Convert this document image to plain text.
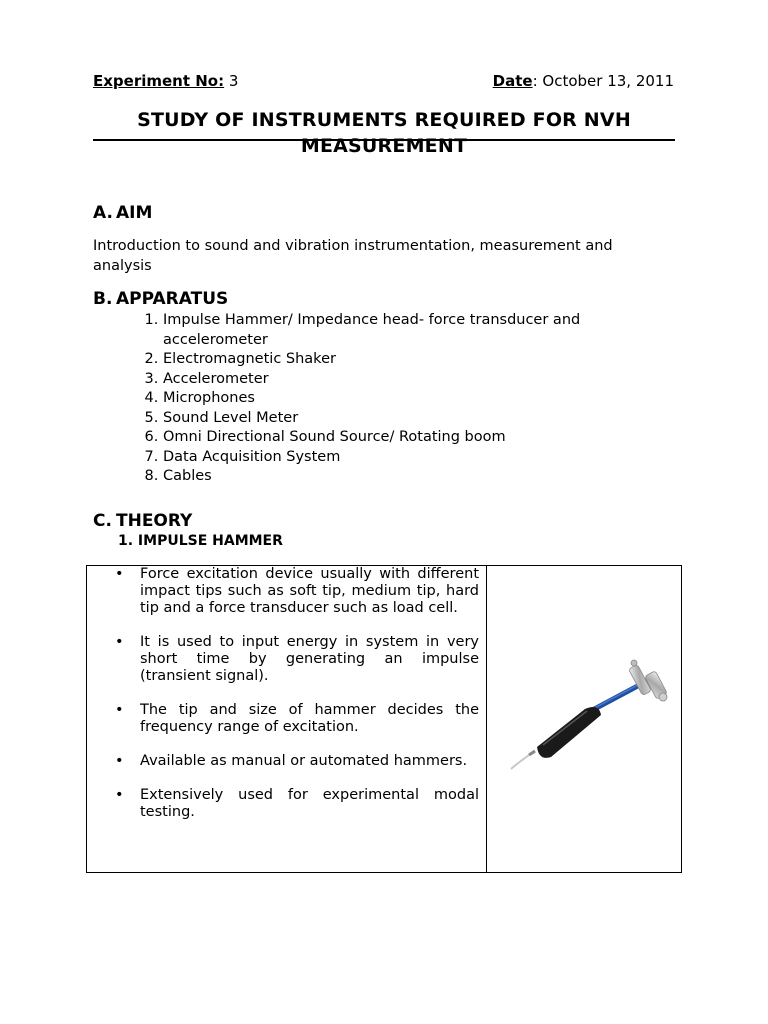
Experiment No: 3	Date: October 13, 2011
STUDY OF INSTRUMENTS REQUIRED FOR NVH MEASUREMENT
A. AIM
Introduction to sound and vibration instrumentation, measurement and analysis
B. APPARATUS
1. Impulse Hammer/ Impedance head- force transducer and accelerometer
2. Electromagnetic Shaker
3. Accelerometer
4. Microphones
5. Sound Level Meter
6. Omni Directional Sound Source/ Rotating boom
7. Data Acquisition System
8. Cables
C. THEORY
1. IMPULSE HAMMER
• Force excitation device usually with different impact tips such as soft tip, medium tip, hard tip and a force transducer such as load cell.
• It is used to input energy in system in very short time by generating an impulse (transient signal).
• The tip and size of hammer decides the frequency range of excitation.
• Available as manual or automated hammers.
• Extensively used for experimental modal testing.
